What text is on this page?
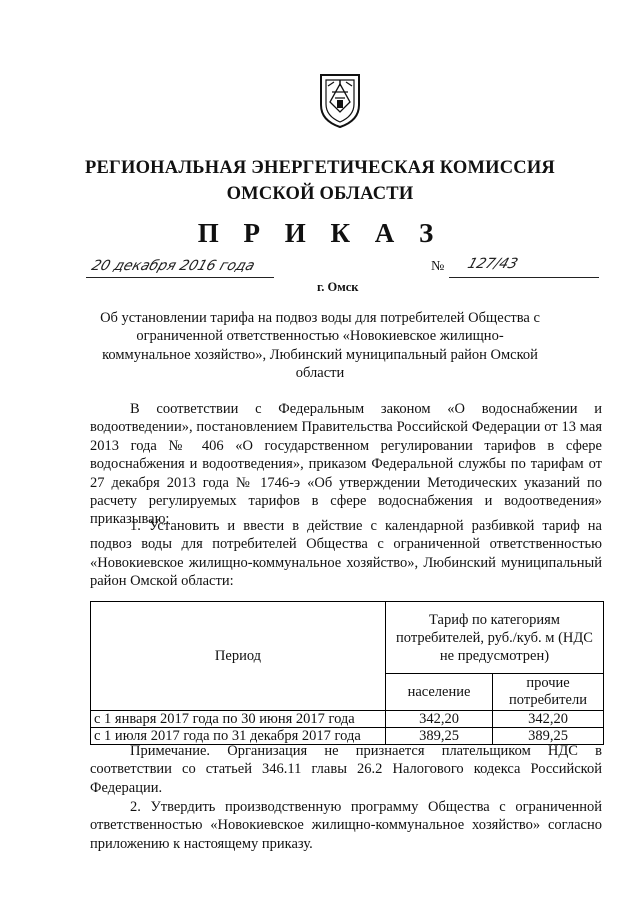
РЕГИОНАЛЬНАЯ ЭНЕРГЕТИЧЕСКАЯ КОМИССИЯ
ОМСКОЙ ОБЛАСТИ
П Р И К А З
20 декабря 2016 года	№ 127/43
г. Омск
Об установлении тарифа на подвоз воды для потребителей Общества с ограниченной ответственностью «Новокиевское жилищно-коммунальное хозяйство», Любинский муниципальный район Омской области
В соответствии с Федеральным законом «О водоснабжении и водоотведении», постановлением Правительства Российской Федерации от 13 мая 2013 года № 406 «О государственном регулировании тарифов в сфере водоснабжения и водоотведения», приказом Федеральной службы по тарифам от 27 декабря 2013 года № 1746-э «Об утверждении Методических указаний по расчету регулируемых тарифов в сфере водоснабжения и водоотведения» приказываю:
1. Установить и ввести в действие с календарной разбивкой тариф на подвоз воды для потребителей Общества с ограниченной ответственностью «Новокиевское жилищно-коммунальное хозяйство», Любинский муниципальный район Омской области:
Период	Тариф по категориям потребителей, руб./куб. м (НДС не предусмотрен)	
	население	прочие потребители
с 1 января 2017 года по 30 июня 2017 года	342,20	342,20
с 1 июля 2017 года по 31 декабря 2017 года	389,25	389,25
Примечание. Организация не признается плательщиком НДС в соответствии со статьей 346.11 главы 26.2 Налогового кодекса Российской Федерации.
2. Утвердить производственную программу Общества с ограниченной ответственностью «Новокиевское жилищно-коммунальное хозяйство» согласно приложению к настоящему приказу.
